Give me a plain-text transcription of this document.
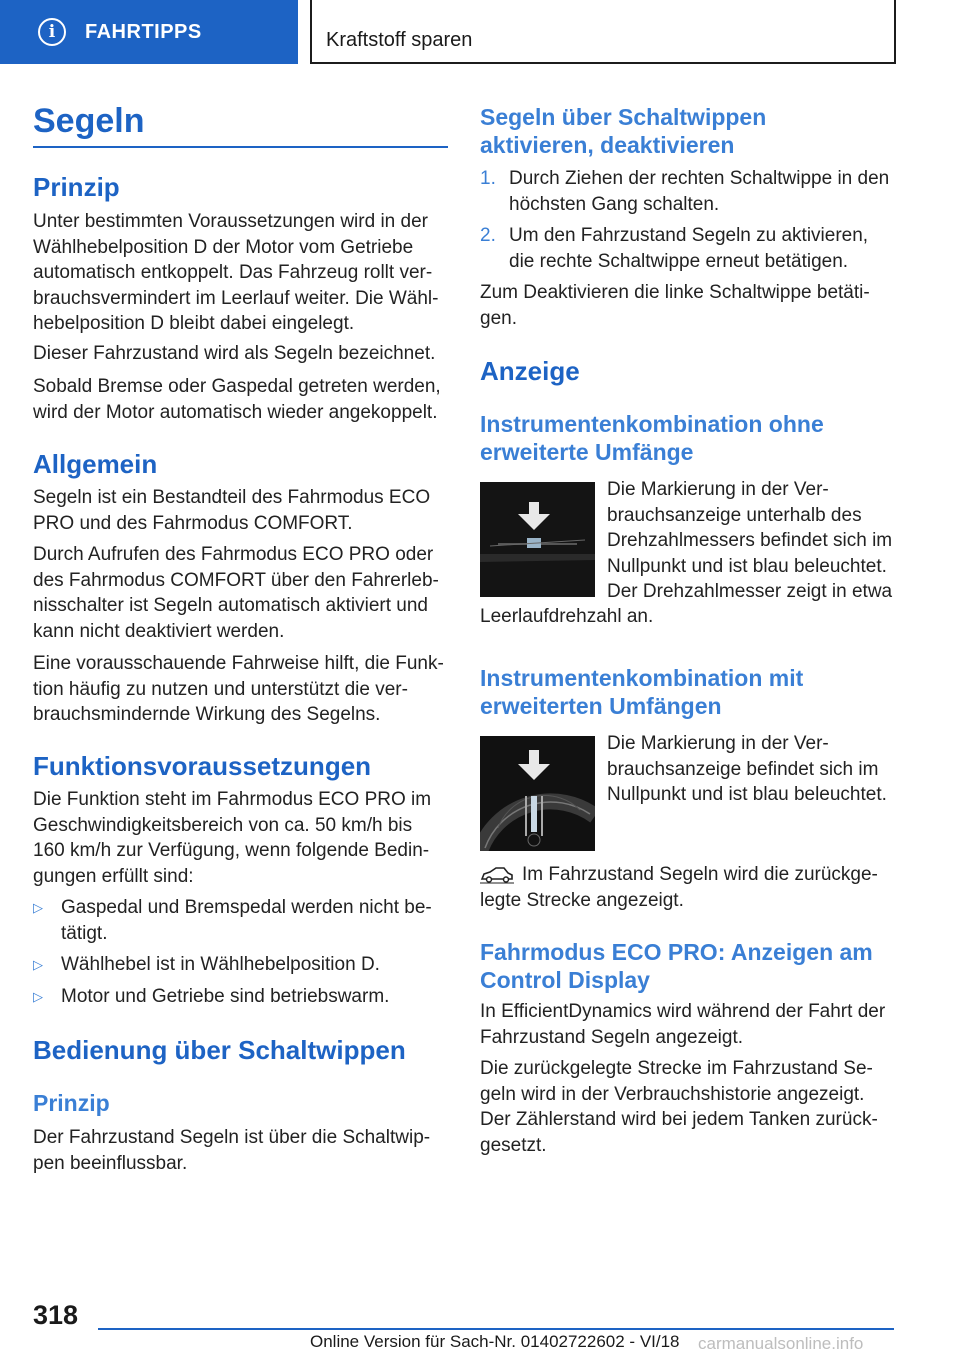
i	FAHRTIPPS	Kraftstoff sparen
Segeln
Prinzip
Unter bestimmten Voraussetzungen wird in der
Wählhebelposition D der Motor vom Getriebe
automatisch entkoppelt. Das Fahrzeug rollt ver‐
brauchsvermindert im Leerlauf weiter. Die Wähl‐
hebelposition D bleibt dabei eingelegt.
Dieser Fahrzustand wird als Segeln bezeichnet.
Sobald Bremse oder Gaspedal getreten werden,
wird der Motor automatisch wieder angekoppelt.
Allgemein
Segeln ist ein Bestandteil des Fahrmodus ECO
PRO und des Fahrmodus COMFORT.
Durch Aufrufen des Fahrmodus ECO PRO oder
des Fahrmodus COMFORT über den Fahrerleb‐
nisschalter ist Segeln automatisch aktiviert und
kann nicht deaktiviert werden.
Eine vorausschauende Fahrweise hilft, die Funk‐
tion häufig zu nutzen und unterstützt die ver‐
brauchsmindernde Wirkung des Segelns.
Funktionsvoraussetzungen
Die Funktion steht im Fahrmodus ECO PRO im
Geschwindigkeitsbereich von ca. 50 km/h bis
160 km/h zur Verfügung, wenn folgende Bedin‐
gungen erfüllt sind:
▷ Gaspedal und Bremspedal werden nicht be‐
tätigt.
▷ Wählhebel ist in Wählhebelposition D.
▷ Motor und Getriebe sind betriebswarm.
Bedienung über Schaltwippen
Prinzip
Der Fahrzustand Segeln ist über die Schaltwip‐
pen beeinflussbar.
Segeln über Schaltwippen
aktivieren, deaktivieren
1. Durch Ziehen der rechten Schaltwippe in den
höchsten Gang schalten.
2. Um den Fahrzustand Segeln zu aktivieren,
die rechte Schaltwippe erneut betätigen.
Zum Deaktivieren die linke Schaltwippe betäti‐
gen.
Anzeige
Instrumentenkombination ohne
erweiterte Umfänge
Die Markierung in der Ver‐
brauchsanzeige unterhalb des
Drehzahlmessers befindet sich im
Nullpunkt und ist blau beleuchtet.
Der Drehzahlmesser zeigt in etwa
Leerlaufdrehzahl an.
Instrumentenkombination mit
erweiterten Umfängen
Die Markierung in der Ver‐
brauchsanzeige befindet sich im
Nullpunkt und ist blau beleuchtet.
Im Fahrzustand Segeln wird die zurückge‐
legte Strecke angezeigt.
Fahrmodus ECO PRO: Anzeigen am
Control Display
In EfficientDynamics wird während der Fahrt der
Fahrzustand Segeln angezeigt.
Die zurückgelegte Strecke im Fahrzustand Se‐
geln wird in der Verbrauchshistorie angezeigt.
Der Zählerstand wird bei jedem Tanken zurück‐
gesetzt.
318
Online Version für Sach-Nr. 01402722602 - VI/18 carmanualsonline.info
